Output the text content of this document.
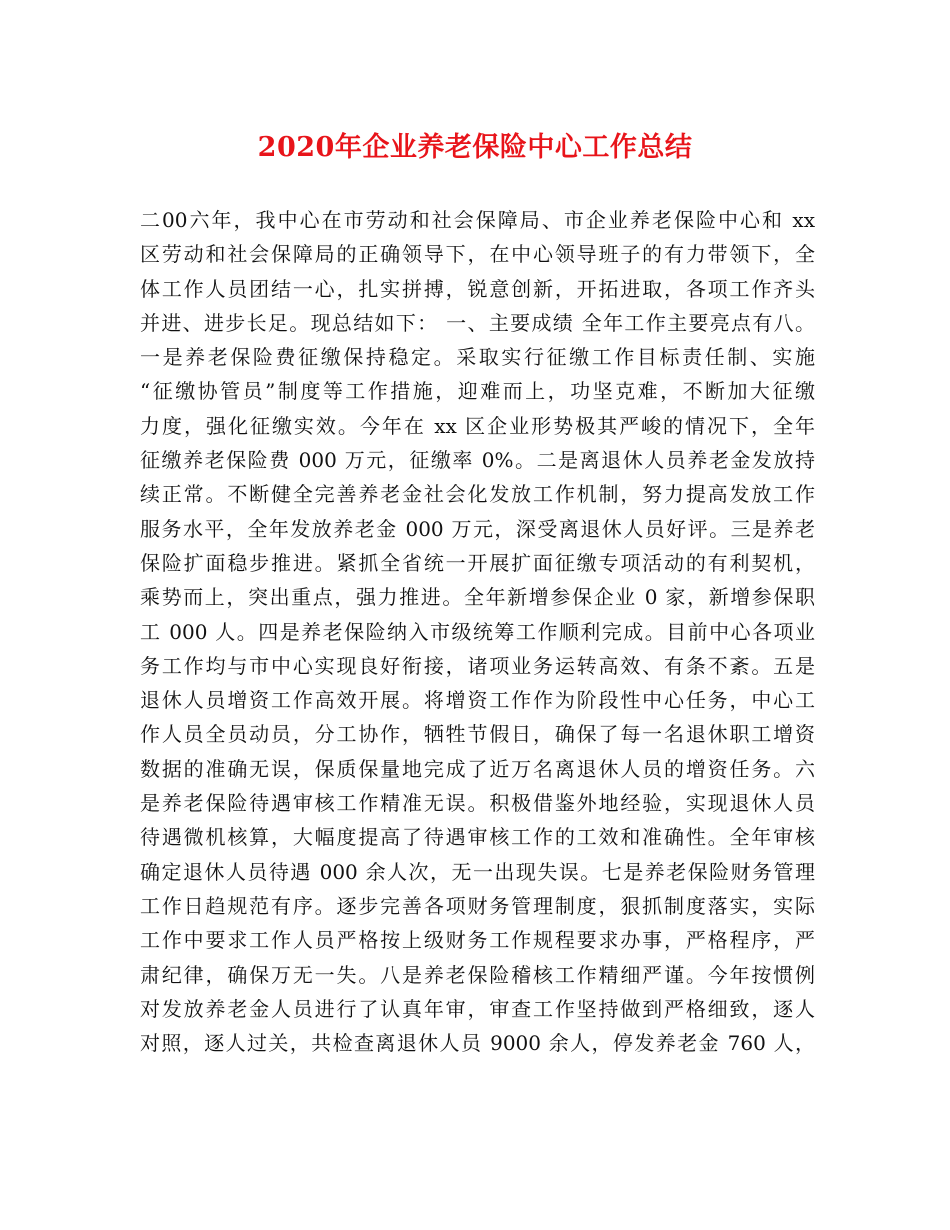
2020年企业养老保险中心工作总结
二00六年，我中心在市劳动和社会保障局、市企业养老保险中心和 xx
区劳动和社会保障局的正确领导下，在中心领导班子的有力带领下，全
体工作人员团结一心，扎实拼搏，锐意创新，开拓进取，各项工作齐头
并进、进步长足。现总结如下： 一、主要成绩 全年工作主要亮点有八。
一是养老保险费征缴保持稳定。采取实行征缴工作目标责任制、实施
“征缴协管员”制度等工作措施，迎难而上，功坚克难，不断加大征缴
力度，强化征缴实效。今年在 xx 区企业形势极其严峻的情况下，全年
征缴养老保险费 000 万元，征缴率 0%。二是离退休人员养老金发放持
续正常。不断健全完善养老金社会化发放工作机制，努力提高发放工作
服务水平，全年发放养老金 000 万元，深受离退休人员好评。三是养老
保险扩面稳步推进。紧抓全省统一开展扩面征缴专项活动的有利契机，
乘势而上，突出重点，强力推进。全年新增参保企业 0 家，新增参保职
工 000 人。四是养老保险纳入市级统筹工作顺利完成。目前中心各项业
务工作均与市中心实现良好衔接，诸项业务运转高效、有条不紊。五是
退休人员增资工作高效开展。将增资工作作为阶段性中心任务，中心工
作人员全员动员，分工协作，牺牲节假日，确保了每一名退休职工增资
数据的准确无误，保质保量地完成了近万名离退休人员的增资任务。六
是养老保险待遇审核工作精准无误。积极借鉴外地经验，实现退休人员
待遇微机核算，大幅度提高了待遇审核工作的工效和准确性。全年审核
确定退休人员待遇 000 余人次，无一出现失误。七是养老保险财务管理
工作日趋规范有序。逐步完善各项财务管理制度，狠抓制度落实，实际
工作中要求工作人员严格按上级财务工作规程要求办事，严格程序，严
肃纪律，确保万无一失。八是养老保险稽核工作精细严谨。今年按惯例
对发放养老金人员进行了认真年审，审查工作坚持做到严格细致，逐人
对照，逐人过关，共检查离退休人员 9000 余人，停发养老金 760 人，
